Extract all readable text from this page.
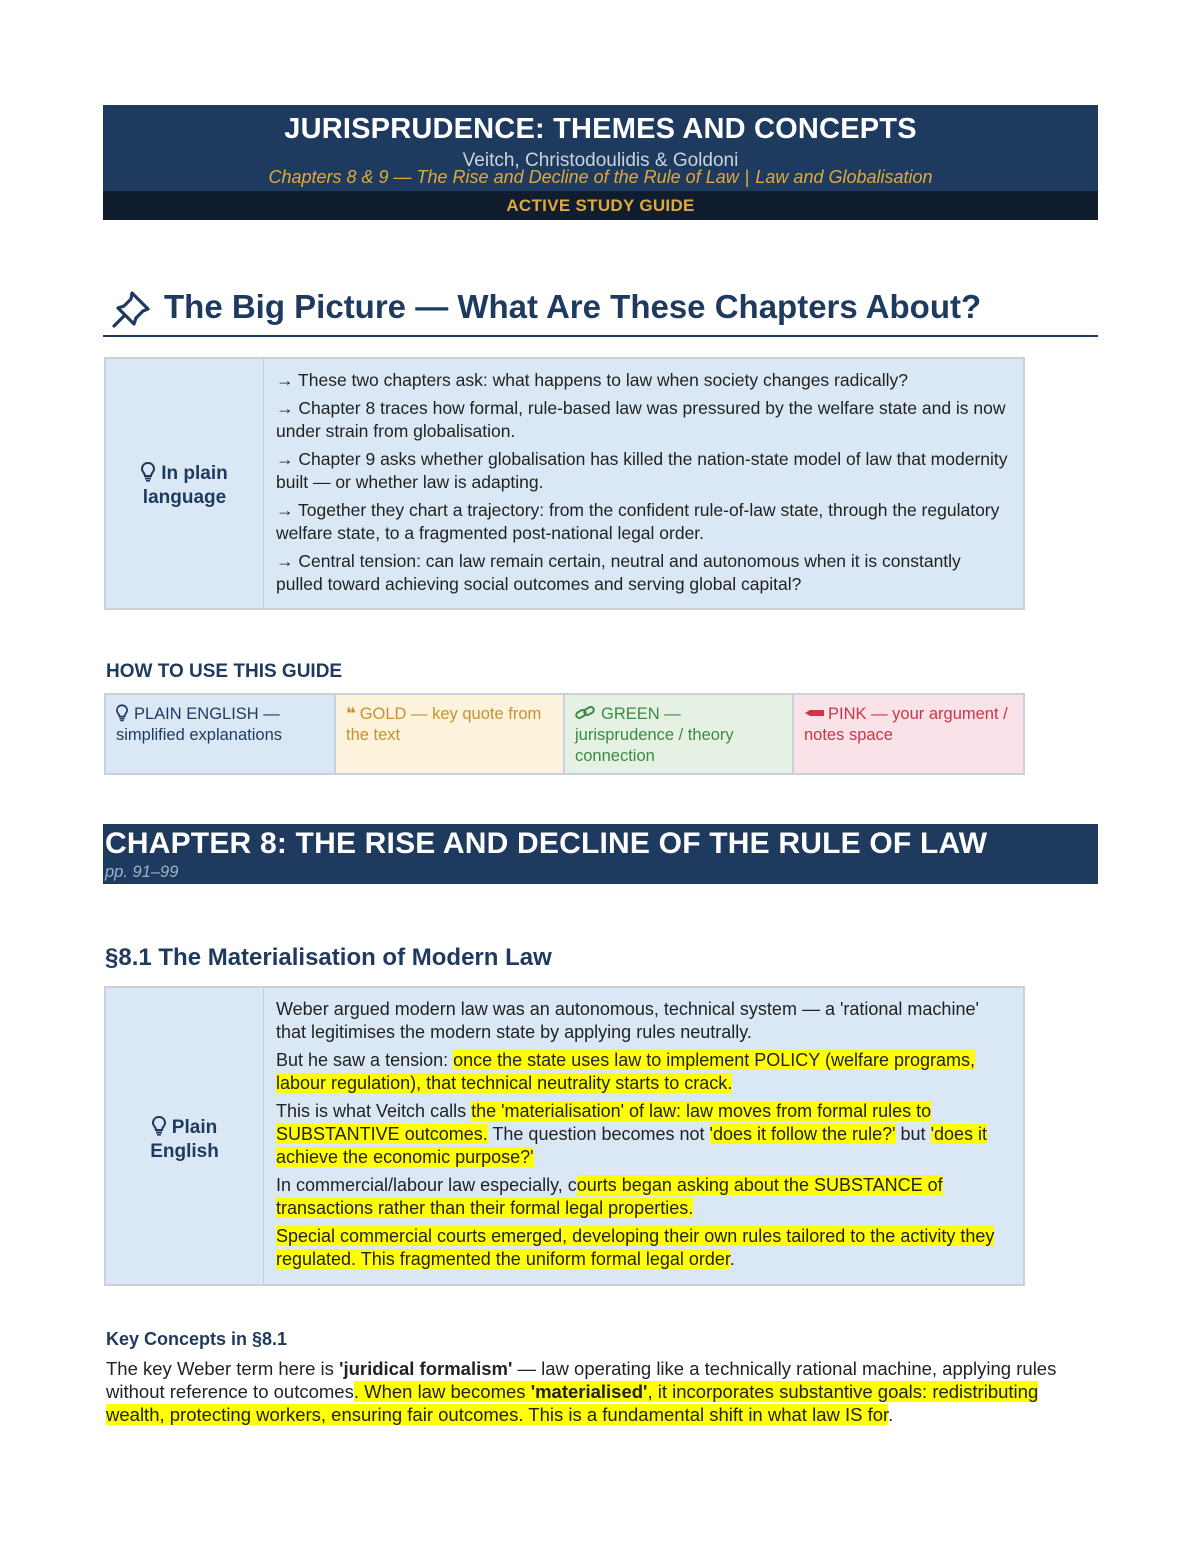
JURISPRUDENCE: THEMES AND CONCEPTS
Veitch, Christodoulidis & Goldoni
Chapters 8 & 9 — The Rise and Decline of the Rule of Law | Law and Globalisation
ACTIVE STUDY GUIDE
The Big Picture — What Are These Chapters About?
In plain
language

→ These two chapters ask: what happens to law when society changes radically?

→ Chapter 8 traces how formal, rule-based law was pressured by the welfare state and is now under strain from globalisation.

→ Chapter 9 asks whether globalisation has killed the nation-state model of law that modernity built — or whether law is adapting.

→ Together they chart a trajectory: from the confident rule-of-law state, through the regulatory welfare state, to a fragmented post-national legal order.

→ Central tension: can law remain certain, neutral and autonomous when it is constantly pulled toward achieving social outcomes and serving global capital?

HOW TO USE THIS GUIDE
PLAIN ENGLISH — simplified explanations
❝ GOLD — key quote from the text
GREEN — jurisprudence / theory connection
PINK — your argument / notes space
CHAPTER 8: THE RISE AND DECLINE OF THE RULE OF LAW
pp. 91–99
§8.1 The Materialisation of Modern Law
Plain
English

Weber argued modern law was an autonomous, technical system — a 'rational machine' that legitimises the modern state by applying rules neutrally.

But he saw a tension: once the state uses law to implement POLICY (welfare programs, labour regulation), that technical neutrality starts to crack.

This is what Veitch calls the 'materialisation' of law: law moves from formal rules to SUBSTANTIVE outcomes. The question becomes not 'does it follow the rule?' but 'does it achieve the economic purpose?'

In commercial/labour law especially, courts began asking about the SUBSTANCE of transactions rather than their formal legal properties.

Special commercial courts emerged, developing their own rules tailored to the activity they regulated. This fragmented the uniform formal legal order.

Key Concepts in §8.1
The key Weber term here is 'juridical formalism' — law operating like a technically rational machine, applying rules without reference to outcomes. When law becomes 'materialised', it incorporates substantive goals: redistributing wealth, protecting workers, ensuring fair outcomes. This is a fundamental shift in what law IS for.
